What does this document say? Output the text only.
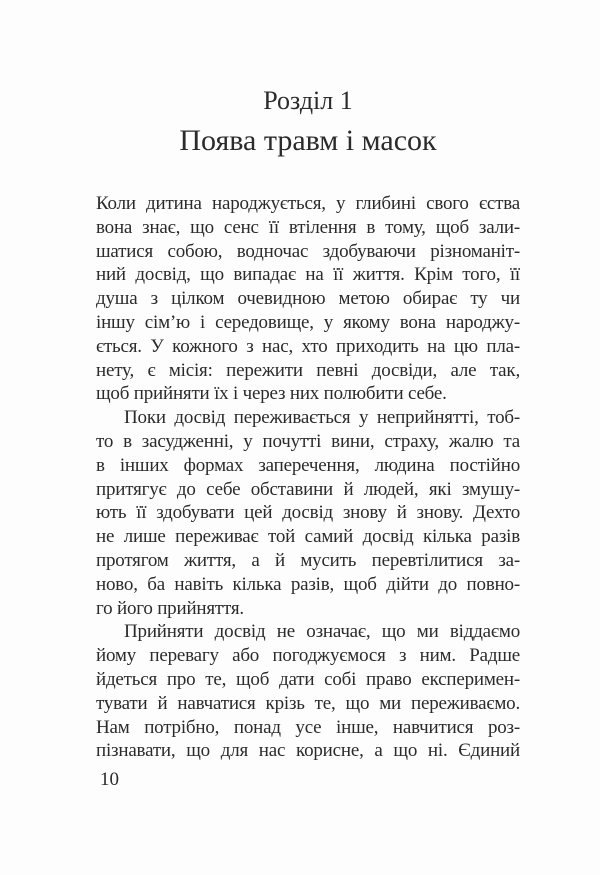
Розділ 1
Поява травм і масок
Коли дитина народжується, у глибині свого єства
вона знає, що сенс її втілення в тому, щоб зали-
шатися собою, водночас здобуваючи різноманіт-
ний досвід, що випадає на її життя. Крім того, її
душа з цілком очевидною метою обирає ту чи
іншу сім’ю і середовище, у якому вона народжу-
ється. У кожного з нас, хто приходить на цю пла-
нету, є місія: пережити певні досвіди, але так,
щоб прийняти їх і через них полюбити себе.
Поки досвід переживається у неприйнятті, тоб-
то в засудженні, у почутті вини, страху, жалю та
в інших формах заперечення, людина постійно
притягує до себе обставини й людей, які змушу-
ють її здобувати цей досвід знову й знову. Дехто
не лише переживає той самий досвід кілька разів
протягом життя, а й мусить перевтілитися за-
ново, ба навіть кілька разів, щоб дійти до повно-
го його прийняття.
Прийняти досвід не означає, що ми віддаємо
йому перевагу або погоджуємося з ним. Радше
йдеться про те, щоб дати собі право експеримен-
тувати й навчатися крізь те, що ми переживаємо.
Нам потрібно, понад усе інше, навчитися роз-
пізнавати, що для нас корисне, а що ні. Єдиний
10
